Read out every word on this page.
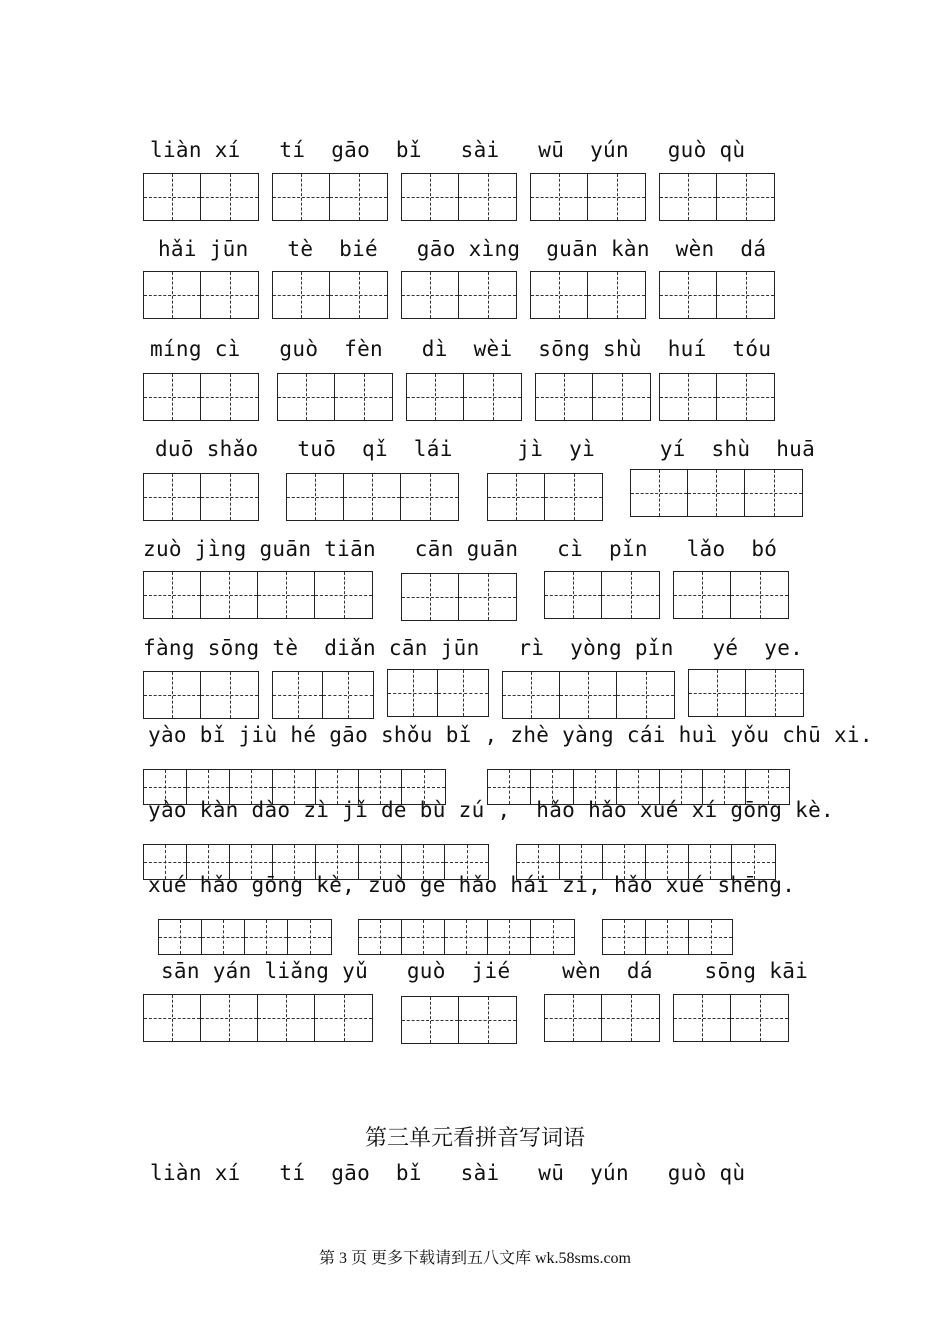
liàn xí   tí  gāo  bǐ   sài   wū  yún   guò qù
hǎi jūn   tè  bié   gāo xìng  guān kàn  wèn  dá
míng cì   guò  fèn   dì  wèi  sōng shù  huí  tóu
duō shǎo   tuō  qǐ  lái     jì  yì     yí  shù  huā
zuò jìng guān tiān   cān guān   cì  pǐn   lǎo  bó
fàng sōng tè  diǎn cān jūn   rì  yòng pǐn   yé  ye.
yào bǐ jiù hé gāo shǒu bǐ , zhè yàng cái huì yǒu chū xi.
yào kàn dào zì jǐ de bù zú ,  hǎo hǎo xué xí gōng kè.
xué hǎo gōng kè, zuò ge hǎo hái zi, hǎo xué shēng.
sān yán liǎng yǔ   guò  jié    wèn  dá    sōng kāi
第三单元看拼音写词语
liàn xí   tí  gāo  bǐ   sài   wū  yún   guò qù
第 3 页 更多下载请到五八文库 wk.58sms.com
